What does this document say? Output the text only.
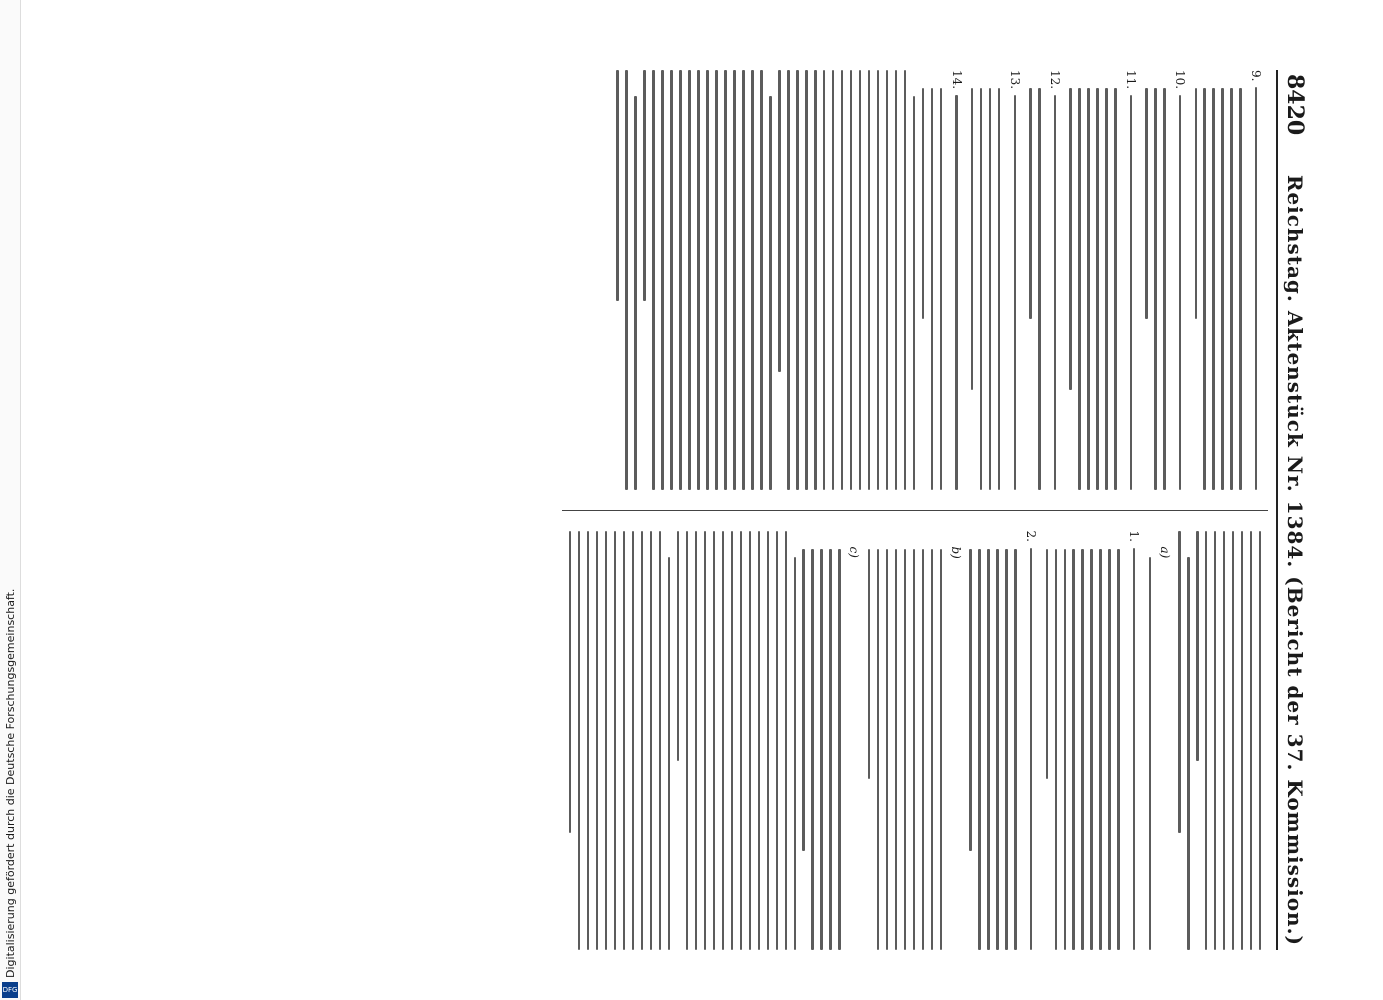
Digitalisierung gefördert durch die Deutsche Forschungsgemeinschaft.
DFG
8420
Reichstag. Aktenstück Nr. 1384. (Bericht der 37. Kommission.)
9.
10.
11.
12.
13.
14.
a)
1.
2.
b)
c)
